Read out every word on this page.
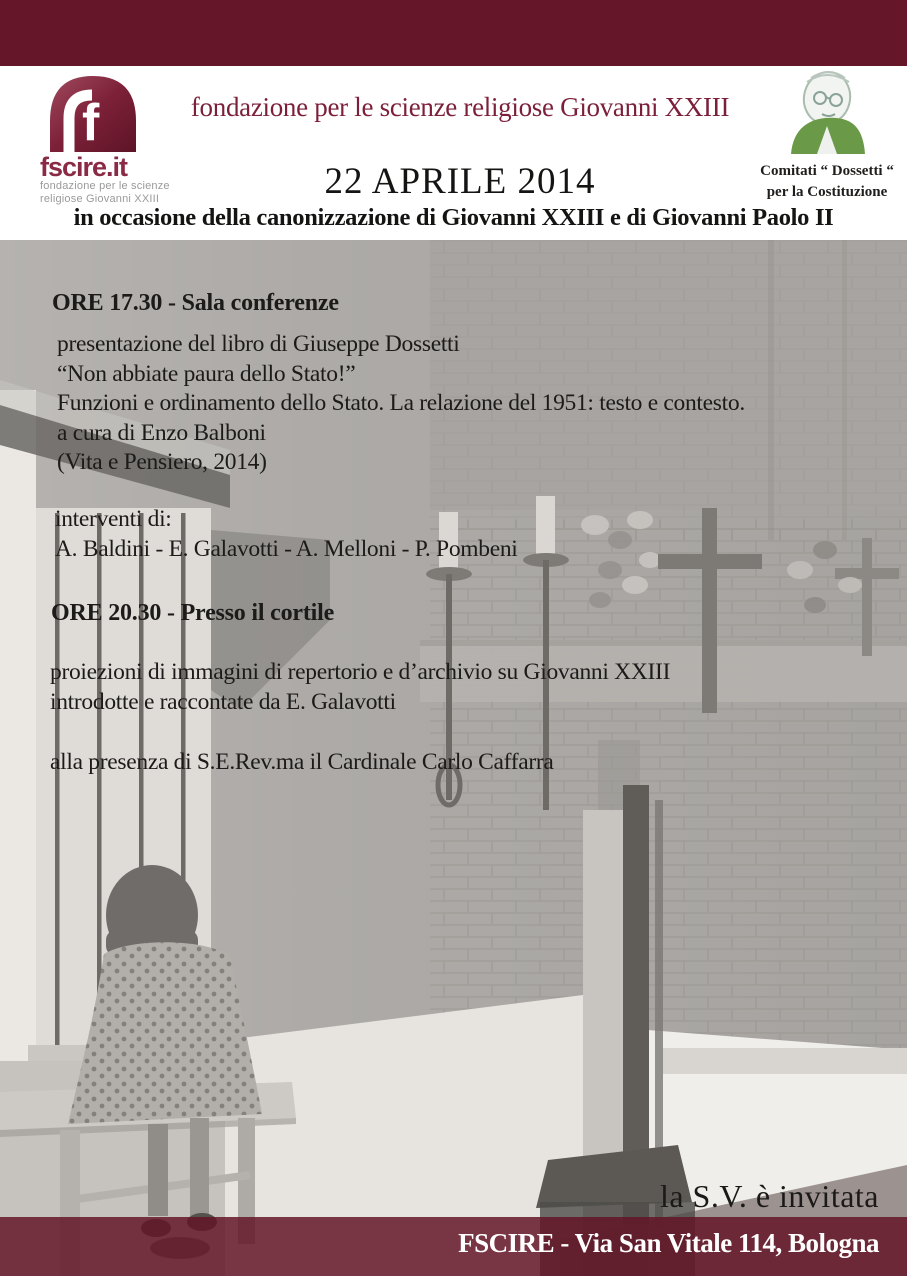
f
fscire.it
fondazione per le scienze
religiose Giovanni XXIII
fondazione per le scienze religiose Giovanni XXIII
22 APRILE 2014
in occasione della canonizzazione di Giovanni XXIII e di Giovanni Paolo II
Comitati “ Dossetti “
per la Costituzione
ORE 17.30 - Sala conferenze
presentazione del libro di Giuseppe Dossetti
“Non abbiate paura dello Stato!”
Funzioni e ordinamento dello Stato. La relazione del 1951: testo e contesto.
a cura di Enzo Balboni
(Vita e Pensiero, 2014)
interventi di:
A. Baldini - E. Galavotti - A. Melloni - P. Pombeni
ORE 20.30 - Presso il cortile
proiezioni di immagini di repertorio e d’archivio su Giovanni XXIII
introdotte e raccontate da E. Galavotti
alla presenza di S.E.Rev.ma il Cardinale Carlo Caffarra
la S.V. è invitata
FSCIRE - Via San Vitale 114, Bologna
